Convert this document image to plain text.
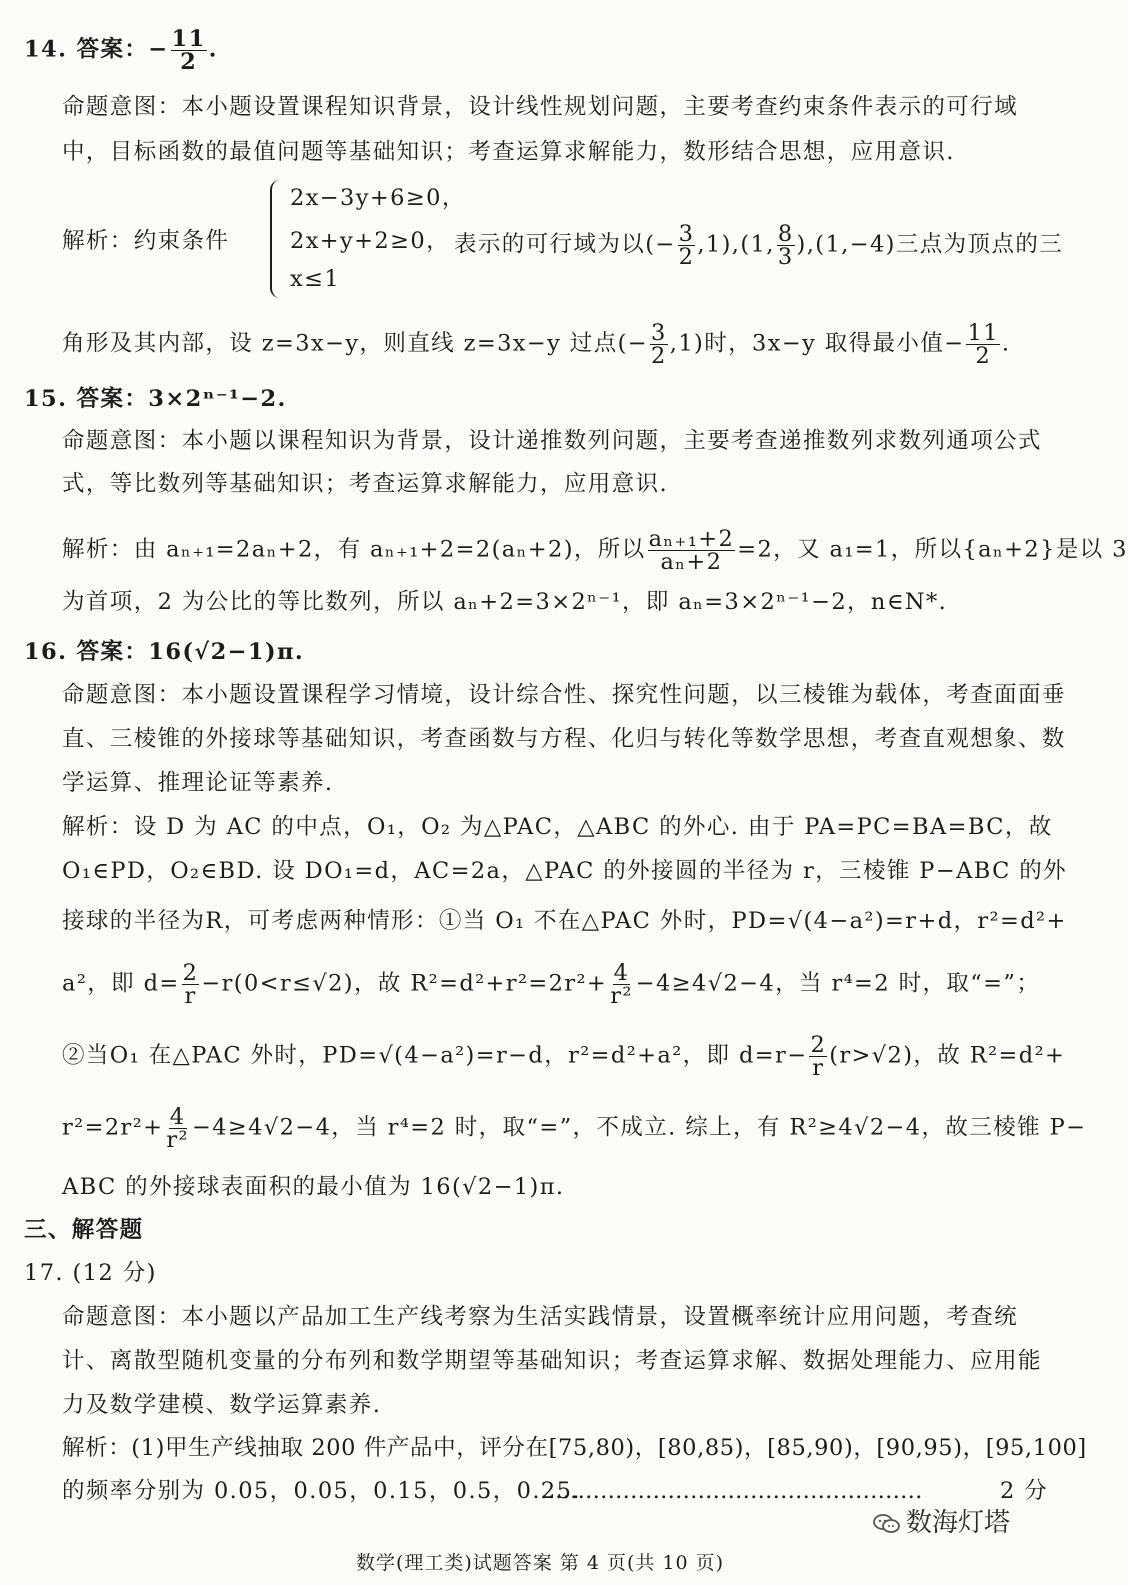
14. 答案：− $\frac{11}{2}$ .
命题意图：本小题设置课程知识背景，设计线性规划问题，主要考查约束条件表示的可行域
中，目标函数的最值问题等基础知识；考查运算求解能力，数形结合思想，应用意识.
解析：约束条件
2x−3y+6≥0，
2x+y+2≥0，
x≤1
表示的可行域为以(− $\frac{3}{2} ,1),(1$, $\frac{8}{3} ),(1,-4)$三点为顶点的三
角形及其内部，设 z=3x−y，则直线 z=3x−y 过点(− $\frac{3}{2} ,1$)时，3x−y 取得最小值− $\frac{11}{2}$ .
15. 答案：3×2ⁿ⁻¹−2.
命题意图：本小题以课程知识为背景，设计递推数列问题，主要考查递推数列求数列通项公式
式，等比数列等基础知识；考查运算求解能力，应用意识.
解析：由 aₙ₊₁=2aₙ+2，有 aₙ₊₁+2=2(aₙ+2)，所以 $\frac{\text{aₙ₊₁+2}}{\text{aₙ+2}} =2$，又 a₁=1，所以{aₙ+2}是以 3
为首项，2 为公比的等比数列，所以 aₙ+2=3×2ⁿ⁻¹，即 aₙ=3×2ⁿ⁻¹−2，n∈N*.
16. 答案：16(√2−1)π.
命题意图：本小题设置课程学习情境，设计综合性、探究性问题，以三棱锥为载体，考查面面垂
直、三棱锥的外接球等基础知识，考查函数与方程、化归与转化等数学思想，考查直观想象、数
学运算、推理论证等素养.
解析：设 D 为 AC 的中点，O₁，O₂ 为△PAC，△ABC 的外心. 由于 PA=PC=BA=BC，故
O₁∈PD，O₂∈BD. 设 DO₁=d，AC=2a，△PAC 的外接圆的半径为 r，三棱锥 P−ABC 的外
接球的半径为R，可考虑两种情形：①当 O₁ 不在△PAC 外时，PD=√(4−a²)=r+d，r²=d²+
a²，即 $d= \frac{2}{r} -r(0<r\le√2)$，故 $R^2=d^2+r^2=2r^2+ \frac{4}{\text{r²}} -4\ge 4√2-4$，当 r⁴=2 时，取“=”；
②当O₁ 在△PAC 外时，PD=√(4−a²)=r−d，r²=d²+a²，即 $d=r- \frac{2}{r} (r>√2)$，故 R²=d²+
$r^2=2r^2+ \frac{4}{\text{r²}} -4\ge 4√2-4$，当 r⁴=2 时，取“=”，不成立. 综上，有 R²≥4√2−4，故三棱锥 P−
ABC 的外接球表面积的最小值为 16(√2−1)π.
三、解答题
17. (12 分)
命题意图：本小题以产品加工生产线考察为生活实践情景，设置概率统计应用问题，考查统
计、离散型随机变量的分布列和数学期望等基础知识；考查运算求解、数据处理能力、应用能
力及数学建模、数学运算素养.
解析：(1)甲生产线抽取 200 件产品中，评分在[75,80)，[80,85)，[85,90)，[90,95)，[95,100]
的频率分别为 0.05，0.05，0.15，0.5，0.25.
……………………………………………	2 分
数海灯塔
数学(理工类)试题答案 第 4 页(共 10 页)
